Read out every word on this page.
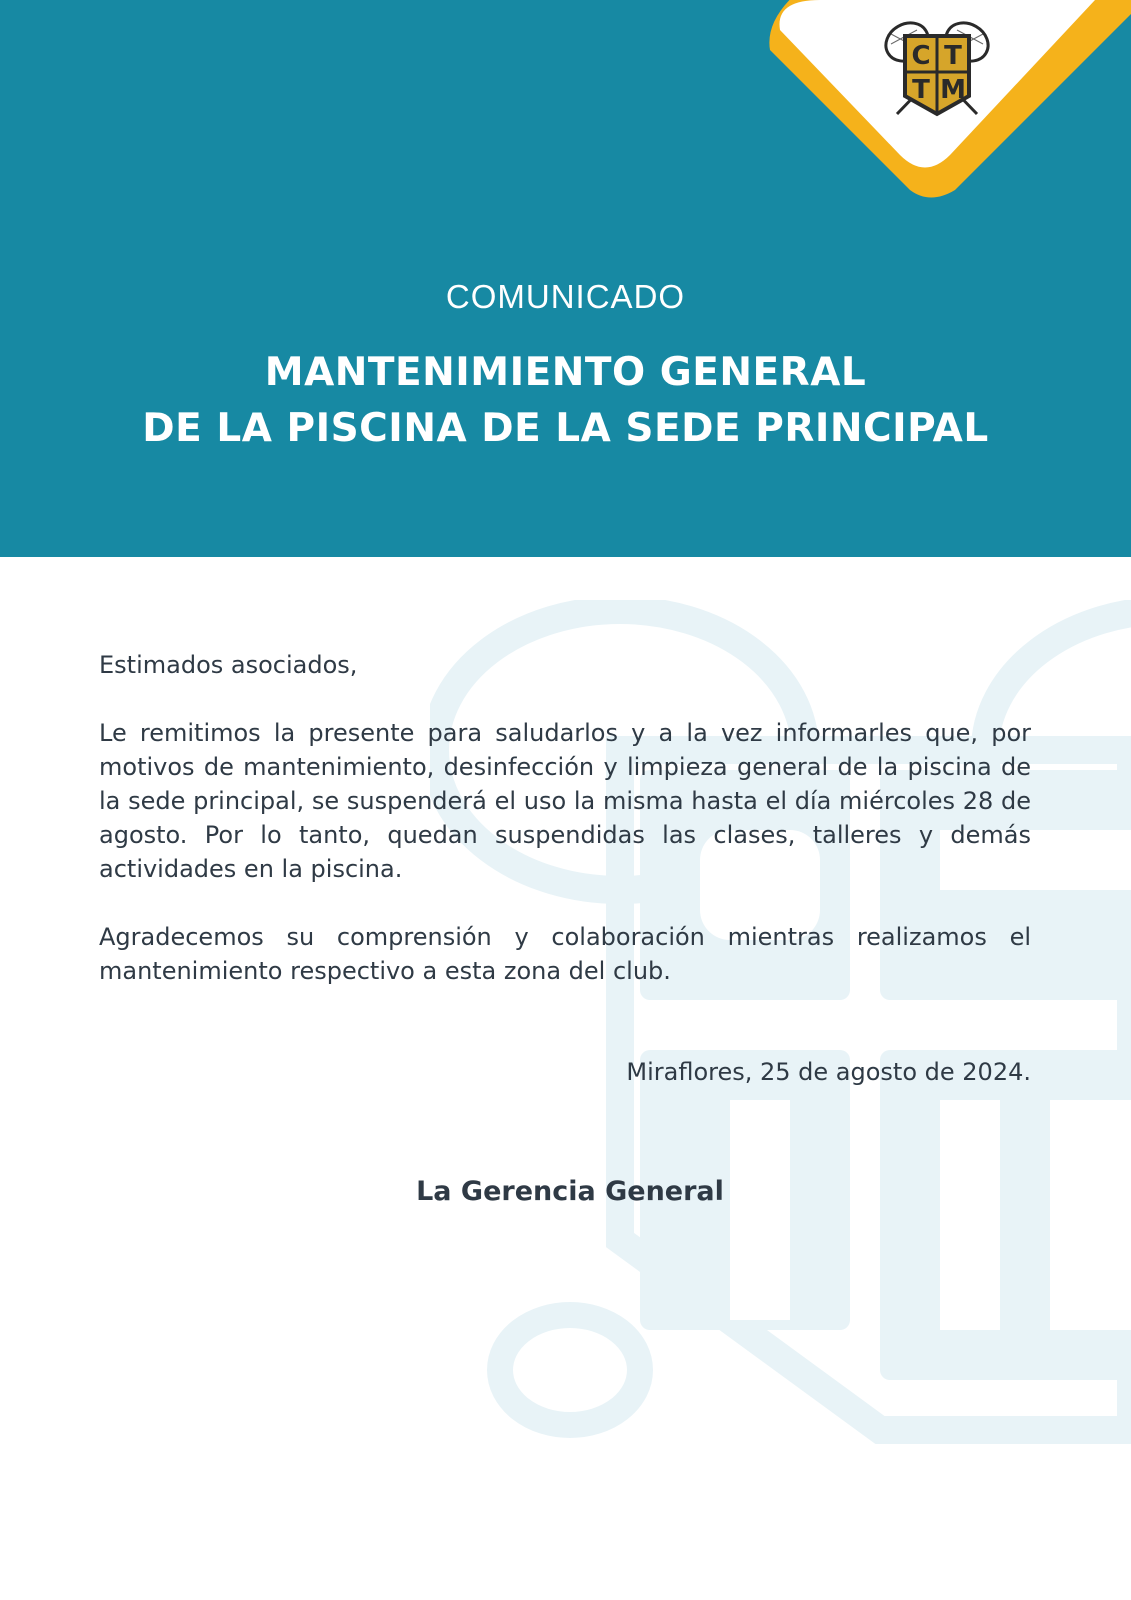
C T
T M
COMUNICADO
MANTENIMIENTO GENERAL
DE LA PISCINA DE LA SEDE PRINCIPAL
Estimados asociados,
Le remitimos la presente para saludarlos y a la vez informarles que, por motivos de mantenimiento, desinfección y limpieza general de la piscina de la sede principal, se suspenderá el uso la misma hasta el día miércoles 28 de agosto. Por lo tanto, quedan suspendidas las clases, talleres y demás actividades en la piscina.
Agradecemos su comprensión y colaboración mientras realizamos el mantenimiento respectivo a esta zona del club.
Miraflores, 25 de agosto de 2024.
La Gerencia General
